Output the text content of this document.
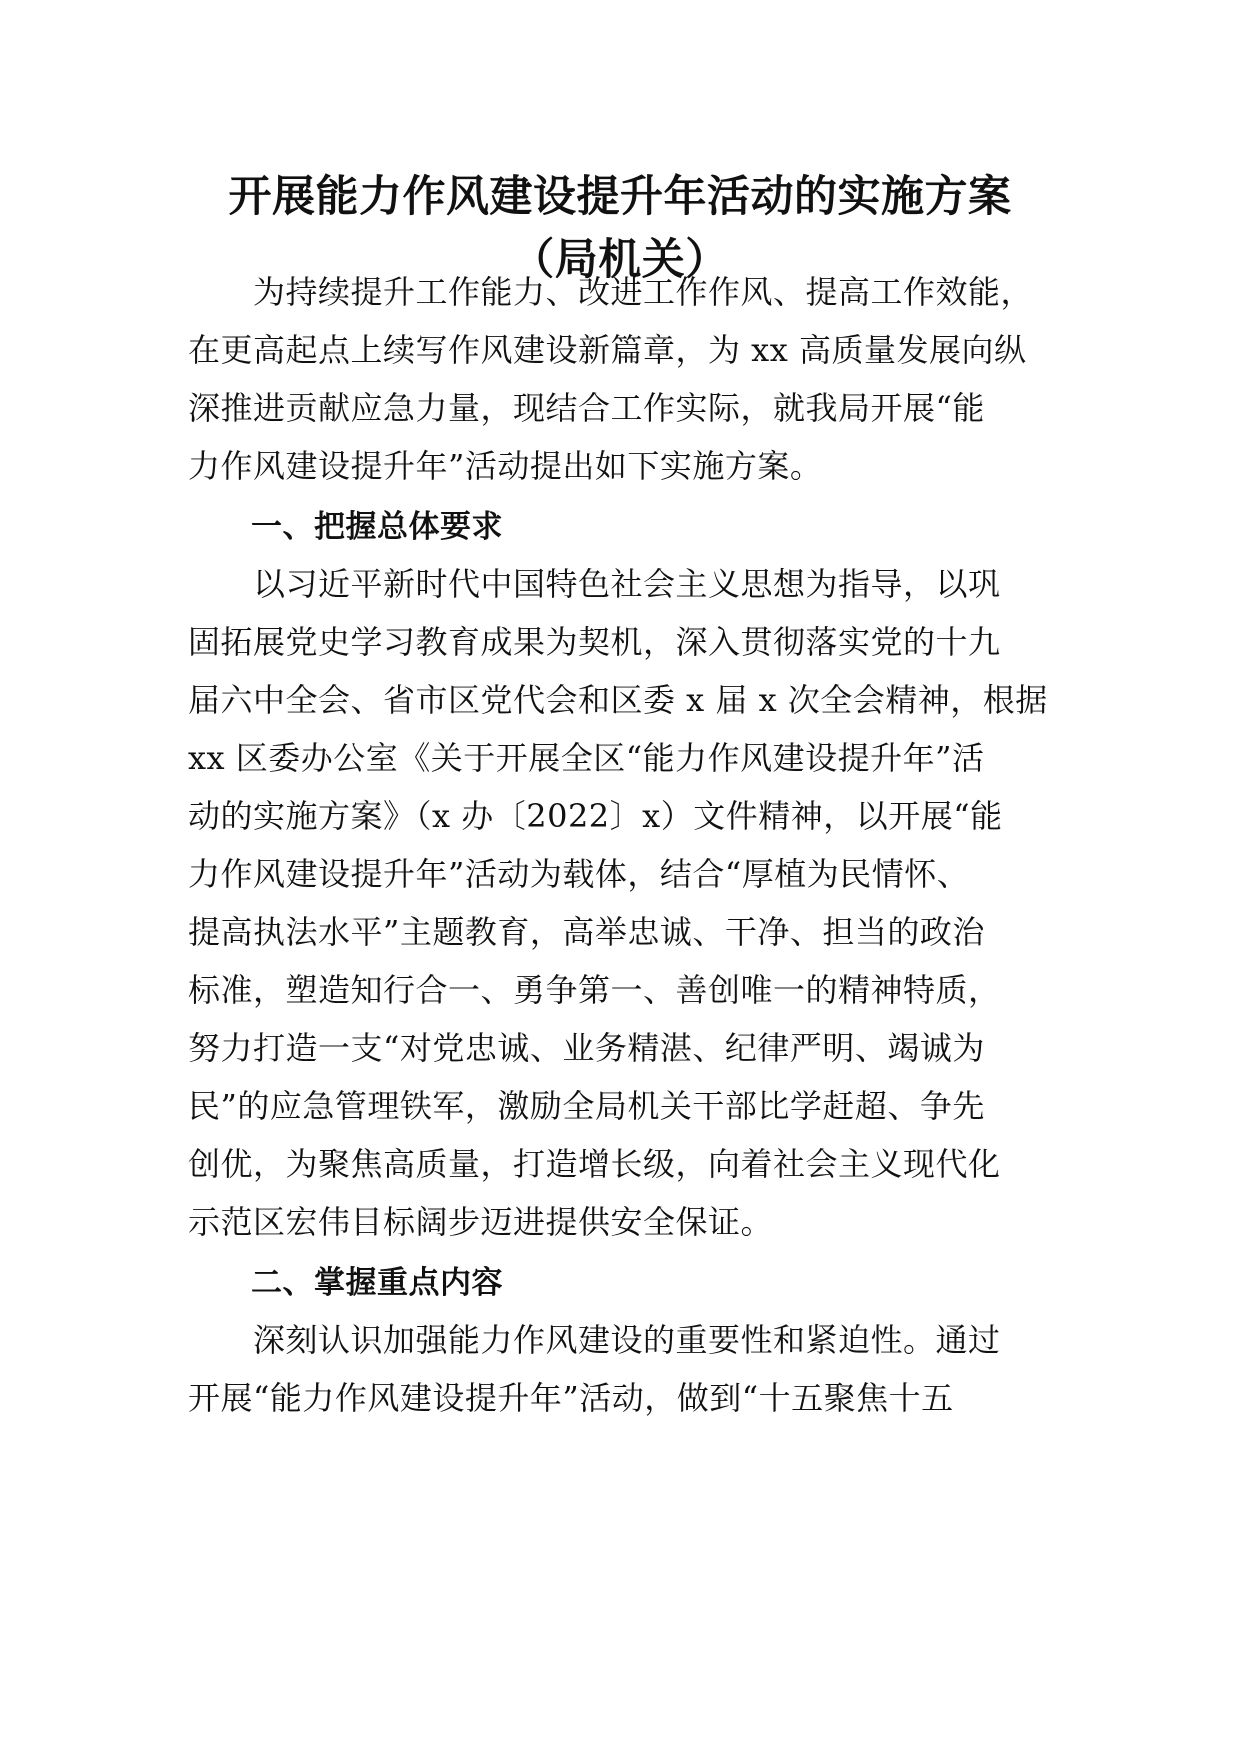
开展能力作风建设提升年活动的实施方案
（局机关）
　　为持续提升工作能力、改进工作作风、提高工作效能，
在更高起点上续写作风建设新篇章，为 xx 高质量发展向纵
深推进贡献应急力量，现结合工作实际，就我局开展“能
力作风建设提升年”活动提出如下实施方案。
　　一、把握总体要求
　　以习近平新时代中国特色社会主义思想为指导，以巩
固拓展党史学习教育成果为契机，深入贯彻落实党的十九
届六中全会、省市区党代会和区委 x 届 x 次全会精神，根据
xx 区委办公室《关于开展全区“能力作风建设提升年”活
动的实施方案》（x 办〔2022〕x）文件精神，以开展“能
力作风建设提升年”活动为载体，结合“厚植为民情怀、
提高执法水平”主题教育，高举忠诚、干净、担当的政治
标准，塑造知行合一、勇争第一、善创唯一的精神特质，
努力打造一支“对党忠诚、业务精湛、纪律严明、竭诚为
民”的应急管理铁军，激励全局机关干部比学赶超、争先
创优，为聚焦高质量，打造增长级，向着社会主义现代化
示范区宏伟目标阔步迈进提供安全保证。
　　二、掌握重点内容
　　深刻认识加强能力作风建设的重要性和紧迫性。通过
开展“能力作风建设提升年”活动，做到“十五聚焦十五
